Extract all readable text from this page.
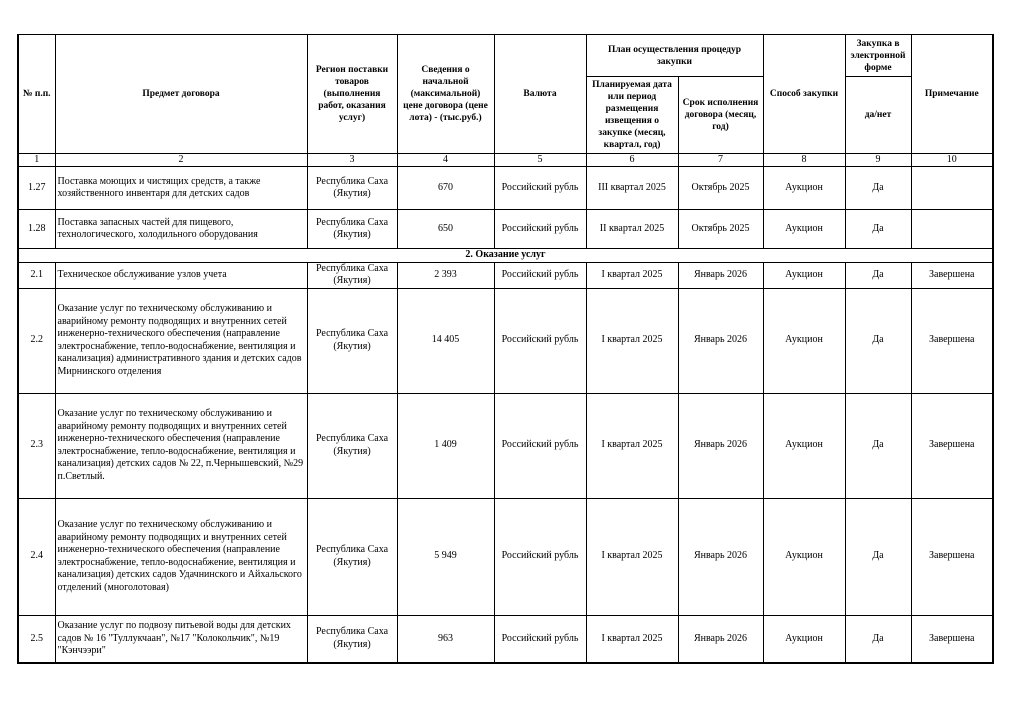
№ п.п.	Предмет договора	Регион поставки товаров (выполнения работ, оказания услуг)	Сведения о начальной (максимальной) цене договора (цене лота) - (тыс.руб.)	Валюта	План осуществления процедур закупки		Способ закупки	Закупка в электронной форме	Примечание
					Планируемая дата или период размещения извещения о закупке (месяц, квартал, год)	Срок исполнения договора (месяц, год)		да/нет	
1	2	3	4	5	6	7	8	9	10
1.27	Поставка моющих и чистящих средств, а также хозяйственного инвентаря для детских садов	Республика Саха (Якутия)	670	Российский рубль	III квартал 2025	Октябрь 2025	Аукцион	Да	
1.28	Поставка запасных частей для пищевого, технологического, холодильного оборудования	Республика Саха (Якутия)	650	Российский рубль	II квартал 2025	Октябрь 2025	Аукцион	Да	
2. Оказание услуг									
2.1	Техническое обслуживание узлов учета	Республика Саха (Якутия)	2 393	Российский рубль	I квартал 2025	Январь 2026	Аукцион	Да	Завершена
2.2	Оказание услуг по техническому обслуживанию и аварийному ремонту подводящих и внутренних сетей инженерно-технического обеспечения (направление электроснабжение, тепло-водоснабжение, вентиляция и канализация) административного здания и детских садов Мирнинского отделения	Республика Саха (Якутия)	14 405	Российский рубль	I квартал 2025	Январь 2026	Аукцион	Да	Завершена
2.3	Оказание услуг по техническому обслуживанию и аварийному ремонту подводящих и внутренних сетей инженерно-технического обеспечения (направление электроснабжение, тепло-водоснабжение, вентиляция и канализация) детских садов № 22, п.Чернышевский, №29 п.Светлый.	Республика Саха (Якутия)	1 409	Российский рубль	I квартал 2025	Январь 2026	Аукцион	Да	Завершена
2.4	Оказание услуг по техническому обслуживанию и аварийному ремонту подводящих и внутренних сетей инженерно-технического обеспечения (направление электроснабжение, тепло-водоснабжение, вентиляция и канализация) детских садов Удачнинского и Айхальского отделений (многолотовая)	Республика Саха (Якутия)	5 949	Российский рубль	I квартал 2025	Январь 2026	Аукцион	Да	Завершена
2.5	Оказание услуг по подвозу питьевой воды для детских садов № 16 "Туллукчаан", №17 "Колокольчик", №19 "Кэнчээри"	Республика Саха (Якутия)	963	Российский рубль	I квартал 2025	Январь 2026	Аукцион	Да	Завершена
